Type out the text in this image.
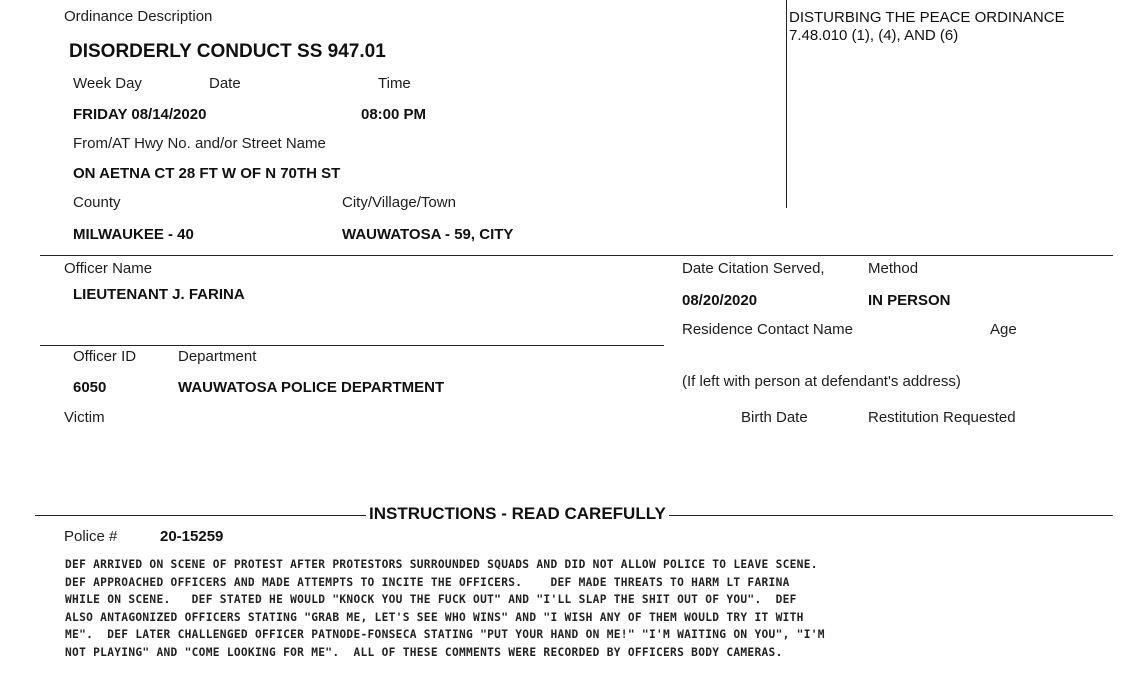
Ordinance Description
DISORDERLY CONDUCT SS 947.01
Week Day	Date	Time
FRIDAY 08/14/2020	08:00 PM
From/AT Hwy No. and/or Street Name
ON AETNA CT 28 FT W OF N 70TH ST
County	City/Village/Town
MILWAUKEE - 40	WAUWATOSA - 59, CITY
DISTURBING THE PEACE ORDINANCE 7.48.010 (1), (4), AND (6)
Officer Name
LIEUTENANT J. FARINA
Officer ID	Department
6050	WAUWATOSA POLICE DEPARTMENT
Date Citation Served,	Method
08/20/2020	IN PERSON
Residence Contact Name	Age
(If left with person at defendant's address)
Victim	Birth Date	Restitution Requested
INSTRUCTIONS - READ CAREFULLY
Police #	20-15259
DEF ARRIVED ON SCENE OF PROTEST AFTER PROTESTORS SURROUNDED SQUADS AND DID NOT ALLOW POLICE TO LEAVE SCENE.
DEF APPROACHED OFFICERS AND MADE ATTEMPTS TO INCITE THE OFFICERS.    DEF MADE THREATS TO HARM LT FARINA
WHILE ON SCENE.   DEF STATED HE WOULD "KNOCK YOU THE FUCK OUT" AND "I'LL SLAP THE SHIT OUT OF YOU".  DEF
ALSO ANTAGONIZED OFFICERS STATING "GRAB ME, LET'S SEE WHO WINS" AND "I WISH ANY OF THEM WOULD TRY IT WITH
ME".  DEF LATER CHALLENGED OFFICER PATNODE-FONSECA STATING "PUT YOUR HAND ON ME!" "I'M WAITING ON YOU", "I'M
NOT PLAYING" AND "COME LOOKING FOR ME".  ALL OF THESE COMMENTS WERE RECORDED BY OFFICERS BODY CAMERAS.
